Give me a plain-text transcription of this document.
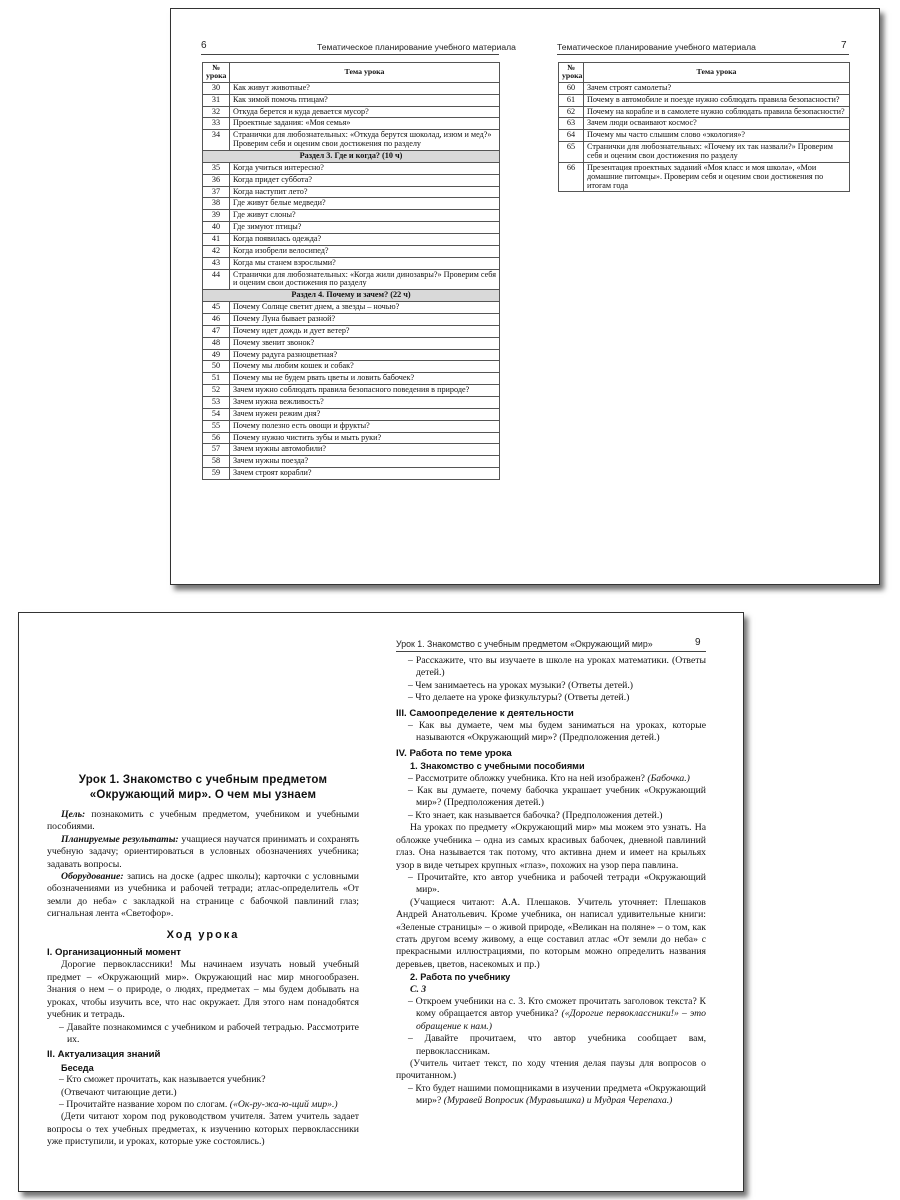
6	Тематическое планирование учебного материала	Тематическое планирование учебного материала	7
№ урока	Тема урока
30	Как живут животные?
31	Как зимой помочь птицам?
32	Откуда берется и куда девается мусор?
33	Проектные задания: «Моя семья»
34	Странички для любознательных: «Откуда берутся шоколад, изюм и мед?» Проверим себя и оценим свои достижения по разделу
Раздел 3. Где и когда? (10 ч)	
35	Когда учиться интересно?
36	Когда придет суббота?
37	Когда наступит лето?
38	Где живут белые медведи?
39	Где живут слоны?
40	Где зимуют птицы?
41	Когда появилась одежда?
42	Когда изобрели велосипед?
43	Когда мы станем взрослыми?
44	Странички для любознательных: «Когда жили динозавры?» Проверим себя и оценим свои достижения по разделу
Раздел 4. Почему и зачем? (22 ч)	
45	Почему Солнце светит днем, а звезды – ночью?
46	Почему Луна бывает разной?
47	Почему идет дождь и дует ветер?
48	Почему звенит звонок?
49	Почему радуга разноцветная?
50	Почему мы любим кошек и собак?
51	Почему мы не будем рвать цветы и ловить бабочек?
52	Зачем нужно соблюдать правила безопасного поведения в природе?
53	Зачем нужна вежливость?
54	Зачем нужен режим дня?
55	Почему полезно есть овощи и фрукты?
56	Почему нужно чистить зубы и мыть руки?
57	Зачем нужны автомобили?
58	Зачем нужны поезда?
59	Зачем строят корабли?
№ урока	Тема урока
60	Зачем строят самолеты?
61	Почему в автомобиле и поезде нужно соблюдать правила безопасности?
62	Почему на корабле и в самолете нужно соблюдать правила безопасности?
63	Зачем люди осваивают космос?
64	Почему мы часто слышим слово «экология»?
65	Странички для любознательных: «Почему их так назвали?» Проверим себя и оценим свои достижения по разделу
66	Презентация проектных заданий «Моя класс и моя школа», «Мои домашние питомцы». Проверим себя и оценим свои достижения по итогам года
Урок 1. Знакомство с учебным предметом «Окружающий мир». О чем мы узнаем

Цель: познакомить с учебным предметом, учебником и учебными пособиями.

Планируемые результаты: учащиеся научатся принимать и сохранять учебную задачу; ориентироваться в условных обозначениях учебника; задавать вопросы.

Оборудование: запись на доске (адрес школы); карточки с условными обозначениями из учебника и рабочей тетради; атлас-определитель «От земли до неба» с закладкой на странице с бабочкой павлиний глаз; сигнальная лента «Светофор».

Ход урока
I. Организационный момент

Дорогие первоклассники! Мы начинаем изучать новый учебный предмет – «Окружающий мир». Окружающий нас мир многообразен. Знания о нем – о природе, о людях, предметах – мы будем добывать на уроках, чтобы изучить все, что нас окружает. Для этого нам понадобятся учебник и тетрадь.

– Давайте познакомимся с учебником и рабочей тетрадью. Рассмотрите их.

II. Актуализация знаний
Беседа

– Кто сможет прочитать, как называется учебник?

(Отвечают читающие дети.)

– Прочитайте название хором по слогам. («Ок-ру-жа-ю-щий мир».)

(Дети читают хором под руководством учителя. Затем учитель задает вопросы о тех учебных предметах, к изучению которых первоклассники уже приступили, и уроках, которые уже состоялись.)

Урок 1. Знакомство с учебным предметом «Окружающий мир»	9

– Расскажите, что вы изучаете в школе на уроках математики. (Ответы детей.)

– Чем занимаетесь на уроках музыки? (Ответы детей.)

– Что делаете на уроке физкультуры? (Ответы детей.)

III. Самоопределение к деятельности

– Как вы думаете, чем мы будем заниматься на уроках, которые называются «Окружающий мир»? (Предположения детей.)

IV. Работа по теме урока
1. Знакомство с учебными пособиями

– Рассмотрите обложку учебника. Кто на ней изображен? (Бабочка.)

– Как вы думаете, почему бабочка украшает учебник «Окружающий мир»? (Предположения детей.)

– Кто знает, как называется бабочка? (Предположения детей.)

На уроках по предмету «Окружающий мир» мы можем это узнать. На обложке учебника – одна из самых красивых бабочек, дневной павлиний глаз. Она называется так потому, что активна днем и имеет на крыльях узор в виде четырех крупных «глаз», похожих на узор пера павлина.

– Прочитайте, кто автор учебника и рабочей тетради «Окружающий мир».

(Учащиеся читают: А.А. Плешаков. Учитель уточняет: Плешаков Андрей Анатольевич. Кроме учебника, он написал удивительные книги: «Зеленые страницы» – о живой природе, «Великан на поляне» – о том, как стать другом всему живому, а еще составил атлас «От земли до неба» с прекрасными иллюстрациями, по которым можно определить названия деревьев, цветов, насекомых и пр.)

2. Работа по учебнику
С. 3

– Откроем учебники на с. 3. Кто сможет прочитать заголовок текста? К кому обращается автор учебника? («Дорогие первоклассники!» – это обращение к нам.)

– Давайте прочитаем, что автор учебника сообщает вам, первоклассникам.

(Учитель читает текст, по ходу чтения делая паузы для вопросов о прочитанном.)

– Кто будет нашими помощниками в изучении предмета «Окружающий мир»? (Муравей Вопросик (Муравьишка) и Мудрая Черепаха.)
